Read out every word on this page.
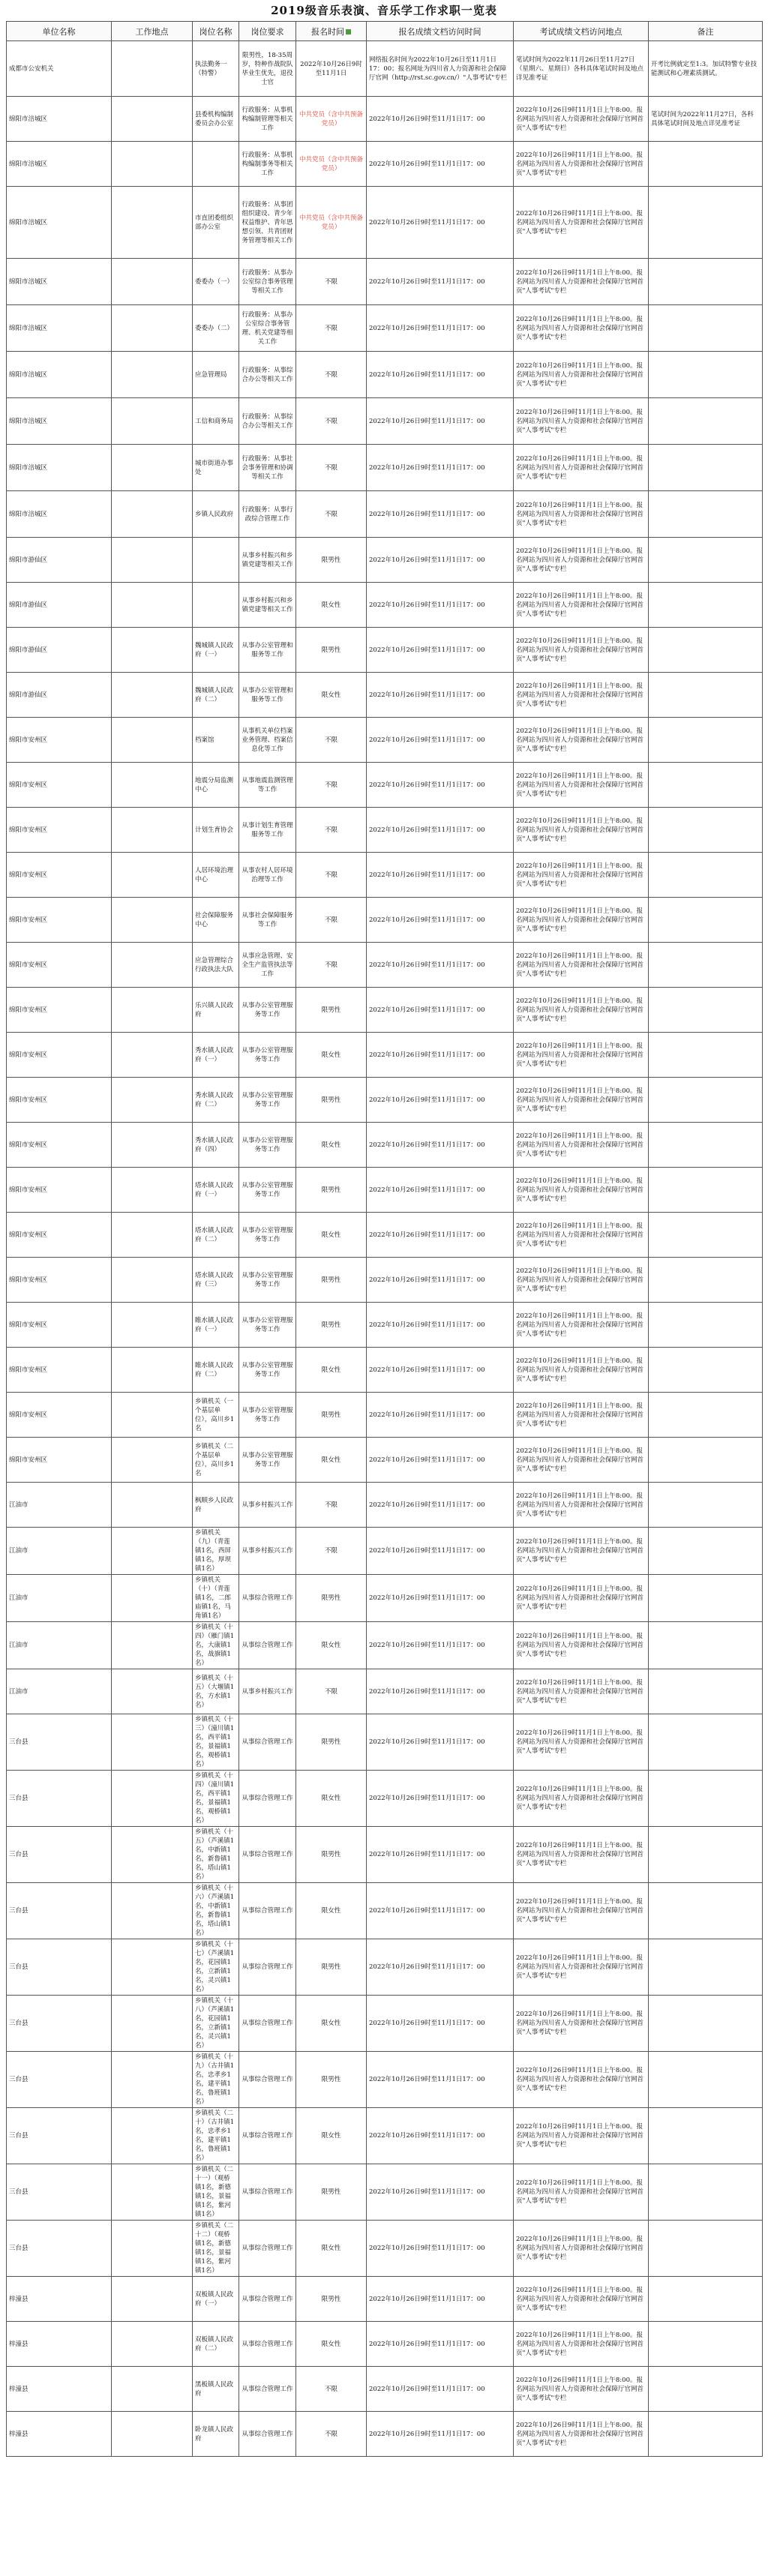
2019级音乐表演、音乐学工作求职一览表
单位名称	工作地点	岗位名称	岗位要求	报名时间	报名成绩文档访问时间	考试成绩文档访问地点	备注
成都市公安机关		执法勤务一（特警）	限男性，18-35周岁，特种作战院队毕业生优先，退役士官	2022年10月26日9时至11月1日	网络报名时间为2022年10月26日至11月1日17：00；报名网址为四川省人力资源和社会保障厅官网（http://rst.sc.gov.cn/）"人事考试"专栏	笔试时间为2022年11月26日至11月27日（星期六、星期日）各科具体笔试时间及地点详见准考证	开考比例就定至1:3。加试特警专业技能测试和心理素质测试。
绵阳市涪城区		县委机构编制委员会办公室	行政服务：从事机构编制管理等相关工作	中共党员（含中共预备党员）	2022年10月26日9时至11月1日17：00	2022年10月26日9时11月1日上午8:00。报名网站为四川省人力资源和社会保障厅官网首页"人事考试"专栏	笔试时间为2022年11月27日，各科具体笔试时间及地点详见准考证
绵阳市涪城区			行政服务：从事机构编制事务等相关工作	中共党员（含中共预备党员）	2022年10月26日9时至11月1日17：00	2022年10月26日9时11月1日上午8:00。报名网站为四川省人力资源和社会保障厅官网首页"人事考试"专栏	
绵阳市涪城区		市直团委组织部办公室	行政服务：从事团组织建设、青少年权益维护、青年思想引领、共青团财务管理等相关工作	中共党员（含中共预备党员）	2022年10月26日9时至11月1日17：00	2022年10月26日9时11月1日上午8:00。报名网站为四川省人力资源和社会保障厅官网首页"人事考试"专栏	
绵阳市涪城区		委委办（一）	行政服务：从事办公室综合事务管理等相关工作	不限	2022年10月26日9时至11月1日17：00	2022年10月26日9时11月1日上午8:00。报名网站为四川省人力资源和社会保障厅官网首页"人事考试"专栏	
绵阳市涪城区		委委办（二）	行政服务：从事办公室综合事务管理、机关党建等相关工作	不限	2022年10月26日9时至11月1日17：00	2022年10月26日9时11月1日上午8:00。报名网站为四川省人力资源和社会保障厅官网首页"人事考试"专栏	
绵阳市涪城区		应急管理局	行政服务：从事综合办公等相关工作	不限	2022年10月26日9时至11月1日17：00	2022年10月26日9时11月1日上午8:00。报名网站为四川省人力资源和社会保障厅官网首页"人事考试"专栏	
绵阳市涪城区		工信和商务局	行政服务：从事综合办公等相关工作	不限	2022年10月26日9时至11月1日17：00	2022年10月26日9时11月1日上午8:00。报名网站为四川省人力资源和社会保障厅官网首页"人事考试"专栏	
绵阳市涪城区		城市街道办事处	行政服务：从事社会事务管理和协调等相关工作	不限	2022年10月26日9时至11月1日17：00	2022年10月26日9时11月1日上午8:00。报名网站为四川省人力资源和社会保障厅官网首页"人事考试"专栏	
绵阳市涪城区		乡镇人民政府	行政服务：从事行政综合管理工作	不限	2022年10月26日9时至11月1日17：00	2022年10月26日9时11月1日上午8:00。报名网站为四川省人力资源和社会保障厅官网首页"人事考试"专栏	
绵阳市游仙区			从事乡村振兴和乡镇党建等相关工作	限男性	2022年10月26日9时至11月1日17：00	2022年10月26日9时11月1日上午8:00。报名网站为四川省人力资源和社会保障厅官网首页"人事考试"专栏	
绵阳市游仙区			从事乡村振兴和乡镇党建等相关工作	限女性	2022年10月26日9时至11月1日17：00	2022年10月26日9时11月1日上午8:00。报名网站为四川省人力资源和社会保障厅官网首页"人事考试"专栏	
绵阳市游仙区		魏城镇人民政府（一）	从事办公室管理和服务等工作	限男性	2022年10月26日9时至11月1日17：00	2022年10月26日9时11月1日上午8:00。报名网站为四川省人力资源和社会保障厅官网首页"人事考试"专栏	
绵阳市游仙区		魏城镇人民政府（二）	从事办公室管理和服务等工作	限女性	2022年10月26日9时至11月1日17：00	2022年10月26日9时11月1日上午8:00。报名网站为四川省人力资源和社会保障厅官网首页"人事考试"专栏	
绵阳市安州区		档案馆	从事机关单位档案业务管理、档案信息化等工作	不限	2022年10月26日9时至11月1日17：00	2022年10月26日9时11月1日上午8:00。报名网站为四川省人力资源和社会保障厅官网首页"人事考试"专栏	
绵阳市安州区		地震分局监测中心	从事地震监测管理等工作	不限	2022年10月26日9时至11月1日17：00	2022年10月26日9时11月1日上午8:00。报名网站为四川省人力资源和社会保障厅官网首页"人事考试"专栏	
绵阳市安州区		计划生育协会	从事计划生育管理服务等工作	不限	2022年10月26日9时至11月1日17：00	2022年10月26日9时11月1日上午8:00。报名网站为四川省人力资源和社会保障厅官网首页"人事考试"专栏	
绵阳市安州区		人居环境治理中心	从事农村人居环境治理等工作	不限	2022年10月26日9时至11月1日17：00	2022年10月26日9时11月1日上午8:00。报名网站为四川省人力资源和社会保障厅官网首页"人事考试"专栏	
绵阳市安州区		社会保障服务中心	从事社会保障服务等工作	不限	2022年10月26日9时至11月1日17：00	2022年10月26日9时11月1日上午8:00。报名网站为四川省人力资源和社会保障厅官网首页"人事考试"专栏	
绵阳市安州区		应急管理综合行政执法大队	从事应急管理、安全生产监管执法等工作	不限	2022年10月26日9时至11月1日17：00	2022年10月26日9时11月1日上午8:00。报名网站为四川省人力资源和社会保障厅官网首页"人事考试"专栏	
绵阳市安州区		乐兴镇人民政府	从事办公室管理服务等工作	限男性	2022年10月26日9时至11月1日17：00	2022年10月26日9时11月1日上午8:00。报名网站为四川省人力资源和社会保障厅官网首页"人事考试"专栏	
绵阳市安州区		秀水镇人民政府（一）	从事办公室管理服务等工作	限女性	2022年10月26日9时至11月1日17：00	2022年10月26日9时11月1日上午8:00。报名网站为四川省人力资源和社会保障厅官网首页"人事考试"专栏	
绵阳市安州区		秀水镇人民政府（二）	从事办公室管理服务等工作	限男性	2022年10月26日9时至11月1日17：00	2022年10月26日9时11月1日上午8:00。报名网站为四川省人力资源和社会保障厅官网首页"人事考试"专栏	
绵阳市安州区		秀水镇人民政府（四）	从事办公室管理服务等工作	限女性	2022年10月26日9时至11月1日17：00	2022年10月26日9时11月1日上午8:00。报名网站为四川省人力资源和社会保障厅官网首页"人事考试"专栏	
绵阳市安州区		塔水镇人民政府（一）	从事办公室管理服务等工作	限男性	2022年10月26日9时至11月1日17：00	2022年10月26日9时11月1日上午8:00。报名网站为四川省人力资源和社会保障厅官网首页"人事考试"专栏	
绵阳市安州区		塔水镇人民政府（二）	从事办公室管理服务等工作	限女性	2022年10月26日9时至11月1日17：00	2022年10月26日9时11月1日上午8:00。报名网站为四川省人力资源和社会保障厅官网首页"人事考试"专栏	
绵阳市安州区		塔水镇人民政府（三）	从事办公室管理服务等工作	限男性	2022年10月26日9时至11月1日17：00	2022年10月26日9时11月1日上午8:00。报名网站为四川省人力资源和社会保障厅官网首页"人事考试"专栏	
绵阳市安州区		睢水镇人民政府（一）	从事办公室管理服务等工作	限男性	2022年10月26日9时至11月1日17：00	2022年10月26日9时11月1日上午8:00。报名网站为四川省人力资源和社会保障厅官网首页"人事考试"专栏	
绵阳市安州区		睢水镇人民政府（二）	从事办公室管理服务等工作	限女性	2022年10月26日9时至11月1日17：00	2022年10月26日9时11月1日上午8:00。报名网站为四川省人力资源和社会保障厅官网首页"人事考试"专栏	
绵阳市安州区		乡镇机关（一个基层单位），高川乡1名	从事办公室管理服务等工作	限男性	2022年10月26日9时至11月1日17：00	2022年10月26日9时11月1日上午8:00。报名网站为四川省人力资源和社会保障厅官网首页"人事考试"专栏	
绵阳市安州区		乡镇机关（二个基层单位），高川乡1名	从事办公室管理服务等工作	限女性	2022年10月26日9时至11月1日17：00	2022年10月26日9时11月1日上午8:00。报名网站为四川省人力资源和社会保障厅官网首页"人事考试"专栏	
江油市		枫顺乡人民政府	从事乡村振兴工作	不限	2022年10月26日9时至11月1日17：00	2022年10月26日9时11月1日上午8:00。报名网站为四川省人力资源和社会保障厅官网首页"人事考试"专栏	
江油市		乡镇机关（九）（青莲镇1名，西屏镇1名，厚坝镇1名）	从事乡村振兴工作	不限	2022年10月26日9时至11月1日17：00	2022年10月26日9时11月1日上午8:00。报名网站为四川省人力资源和社会保障厅官网首页"人事考试"专栏	
江油市		乡镇机关（十）（青莲镇1名，二郎庙镇1名，马角镇1名）	从事综合管理工作	限男性	2022年10月26日9时至11月1日17：00	2022年10月26日9时11月1日上午8:00。报名网站为四川省人力资源和社会保障厅官网首页"人事考试"专栏	
江油市		乡镇机关（十四）（雁门镇1名，大康镇1名，战旗镇1名）	从事综合管理工作	限女性	2022年10月26日9时至11月1日17：00	2022年10月26日9时11月1日上午8:00。报名网站为四川省人力资源和社会保障厅官网首页"人事考试"专栏	
江油市		乡镇机关（十五）（大堰镇1名，方水镇1名）	从事乡村振兴工作	不限	2022年10月26日9时至11月1日17：00	2022年10月26日9时11月1日上午8:00。报名网站为四川省人力资源和社会保障厅官网首页"人事考试"专栏	
三台县		乡镇机关（十三）（潼川镇1名，西平镇1名，景福镇1名，观桥镇1名）	从事综合管理工作	限男性	2022年10月26日9时至11月1日17：00	2022年10月26日9时11月1日上午8:00。报名网站为四川省人力资源和社会保障厅官网首页"人事考试"专栏	
三台县		乡镇机关（十四）（潼川镇1名，西平镇1名，景福镇1名，观桥镇1名）	从事综合管理工作	限女性	2022年10月26日9时至11月1日17：00	2022年10月26日9时11月1日上午8:00。报名网站为四川省人力资源和社会保障厅官网首页"人事考试"专栏	
三台县		乡镇机关（十五）（芦溪镇1名，中新镇1名，新鲁镇1名，塔山镇1名）	从事综合管理工作	限男性	2022年10月26日9时至11月1日17：00	2022年10月26日9时11月1日上午8:00。报名网站为四川省人力资源和社会保障厅官网首页"人事考试"专栏	
三台县		乡镇机关（十六）（芦溪镇1名，中新镇1名，新鲁镇1名，塔山镇1名）	从事综合管理工作	限女性	2022年10月26日9时至11月1日17：00	2022年10月26日9时11月1日上午8:00。报名网站为四川省人力资源和社会保障厅官网首页"人事考试"专栏	
三台县		乡镇机关（十七）（芦溪镇1名，花园镇1名，立新镇1名，灵兴镇1名）	从事综合管理工作	限男性	2022年10月26日9时至11月1日17：00	2022年10月26日9时11月1日上午8:00。报名网站为四川省人力资源和社会保障厅官网首页"人事考试"专栏	
三台县		乡镇机关（十八）（芦溪镇1名，花园镇1名，立新镇1名，灵兴镇1名）	从事综合管理工作	限女性	2022年10月26日9时至11月1日17：00	2022年10月26日9时11月1日上午8:00。报名网站为四川省人力资源和社会保障厅官网首页"人事考试"专栏	
三台县		乡镇机关（十九）（古井镇1名，忠孝乡1名，建平镇1名，鲁班镇1名）	从事综合管理工作	限男性	2022年10月26日9时至11月1日17：00	2022年10月26日9时11月1日上午8:00。报名网站为四川省人力资源和社会保障厅官网首页"人事考试"专栏	
三台县		乡镇机关（二十）（古井镇1名，忠孝乡1名，建平镇1名，鲁班镇1名）	从事综合管理工作	限女性	2022年10月26日9时至11月1日17：00	2022年10月26日9时11月1日上午8:00。报名网站为四川省人力资源和社会保障厅官网首页"人事考试"专栏	
三台县		乡镇机关（二十一）（观桥镇1名，新德镇1名，景福镇1名，紫河镇1名）	从事综合管理工作	限男性	2022年10月26日9时至11月1日17：00	2022年10月26日9时11月1日上午8:00。报名网站为四川省人力资源和社会保障厅官网首页"人事考试"专栏	
三台县		乡镇机关（二十二）（观桥镇1名，新德镇1名，景福镇1名，紫河镇1名）	从事综合管理工作	限女性	2022年10月26日9时至11月1日17：00	2022年10月26日9时11月1日上午8:00。报名网站为四川省人力资源和社会保障厅官网首页"人事考试"专栏	
梓潼县		双板镇人民政府（一）	从事综合管理工作	限男性	2022年10月26日9时至11月1日17：00	2022年10月26日9时11月1日上午8:00。报名网站为四川省人力资源和社会保障厅官网首页"人事考试"专栏	
梓潼县		双板镇人民政府（二）	从事综合管理工作	限女性	2022年10月26日9时至11月1日17：00	2022年10月26日9时11月1日上午8:00。报名网站为四川省人力资源和社会保障厅官网首页"人事考试"专栏	
梓潼县		黑板镇人民政府	从事综合管理工作	不限	2022年10月26日9时至11月1日17：00	2022年10月26日9时11月1日上午8:00。报名网站为四川省人力资源和社会保障厅官网首页"人事考试"专栏	
梓潼县		卧龙镇人民政府	从事综合管理工作	不限	2022年10月26日9时至11月1日17：00	2022年10月26日9时11月1日上午8:00。报名网站为四川省人力资源和社会保障厅官网首页"人事考试"专栏	
